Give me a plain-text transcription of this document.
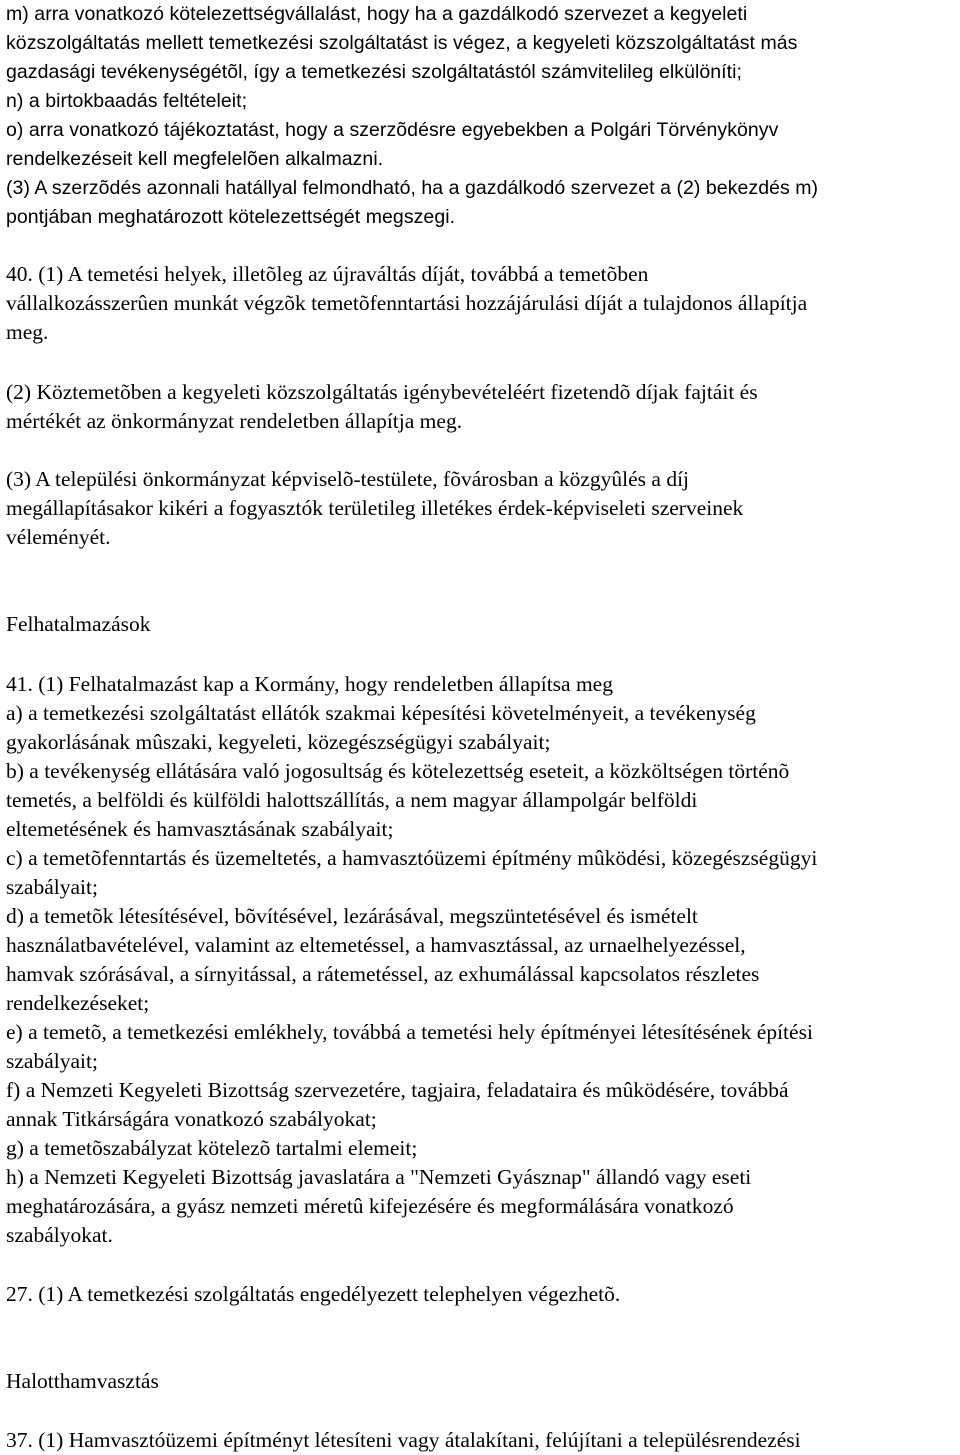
m) arra vonatkozó kötelezettségvállalást, hogy ha a gazdálkodó szervezet a kegyeleti
közszolgáltatás mellett temetkezési szolgáltatást is végez, a kegyeleti közszolgáltatást más
gazdasági tevékenységétõl, így a temetkezési szolgáltatástól számvitelileg elkülöníti;
n) a birtokbaadás feltételeit;
o) arra vonatkozó tájékoztatást, hogy a szerzõdésre egyebekben a Polgári Törvénykönyv
rendelkezéseit kell megfelelõen alkalmazni.
(3) A szerzõdés azonnali hatállyal felmondható, ha a gazdálkodó szervezet a (2) bekezdés m)
pontjában meghatározott kötelezettségét megszegi.
40. (1) A temetési helyek, illetõleg az újraváltás díját, továbbá a temetõben
vállalkozásszerûen munkát végzõk temetõfenntartási hozzájárulási díját a tulajdonos állapítja
meg.
(2) Köztemetõben a kegyeleti közszolgáltatás igénybevételéért fizetendõ díjak fajtáit és
mértékét az önkormányzat rendeletben állapítja meg.
(3) A települési önkormányzat képviselõ-testülete, fõvárosban a közgyûlés a díj
megállapításakor kikéri a fogyasztók területileg illetékes érdek-képviseleti szerveinek
véleményét.
Felhatalmazások
41. (1) Felhatalmazást kap a Kormány, hogy rendeletben állapítsa meg
a) a temetkezési szolgáltatást ellátók szakmai képesítési követelményeit, a tevékenység
gyakorlásának mûszaki, kegyeleti, közegészségügyi szabályait;
b) a tevékenység ellátására való jogosultság és kötelezettség eseteit, a közköltségen történõ
temetés, a belföldi és külföldi halottszállítás, a nem magyar állampolgár belföldi
eltemetésének és hamvasztásának szabályait;
c) a temetõfenntartás és üzemeltetés, a hamvasztóüzemi építmény mûködési, közegészségügyi
szabályait;
d) a temetõk létesítésével, bõvítésével, lezárásával, megszüntetésével és ismételt
használatbavételével, valamint az eltemetéssel, a hamvasztással, az urnaelhelyezéssel,
hamvak szórásával, a sírnyitással, a rátemetéssel, az exhumálással kapcsolatos részletes
rendelkezéseket;
e) a temetõ, a temetkezési emlékhely, továbbá a temetési hely építményei létesítésének építési
szabályait;
f) a Nemzeti Kegyeleti Bizottság szervezetére, tagjaira, feladataira és mûködésére, továbbá
annak Titkárságára vonatkozó szabályokat;
g) a temetõszabályzat kötelezõ tartalmi elemeit;
h) a Nemzeti Kegyeleti Bizottság javaslatára a "Nemzeti Gyásznap" állandó vagy eseti
meghatározására, a gyász nemzeti méretû kifejezésére és megformálására vonatkozó
szabályokat.
27. (1) A temetkezési szolgáltatás engedélyezett telephelyen végezhetõ.
Halotthamvasztás
37. (1) Hamvasztóüzemi építményt létesíteni vagy átalakítani, felújítani a településrendezési
